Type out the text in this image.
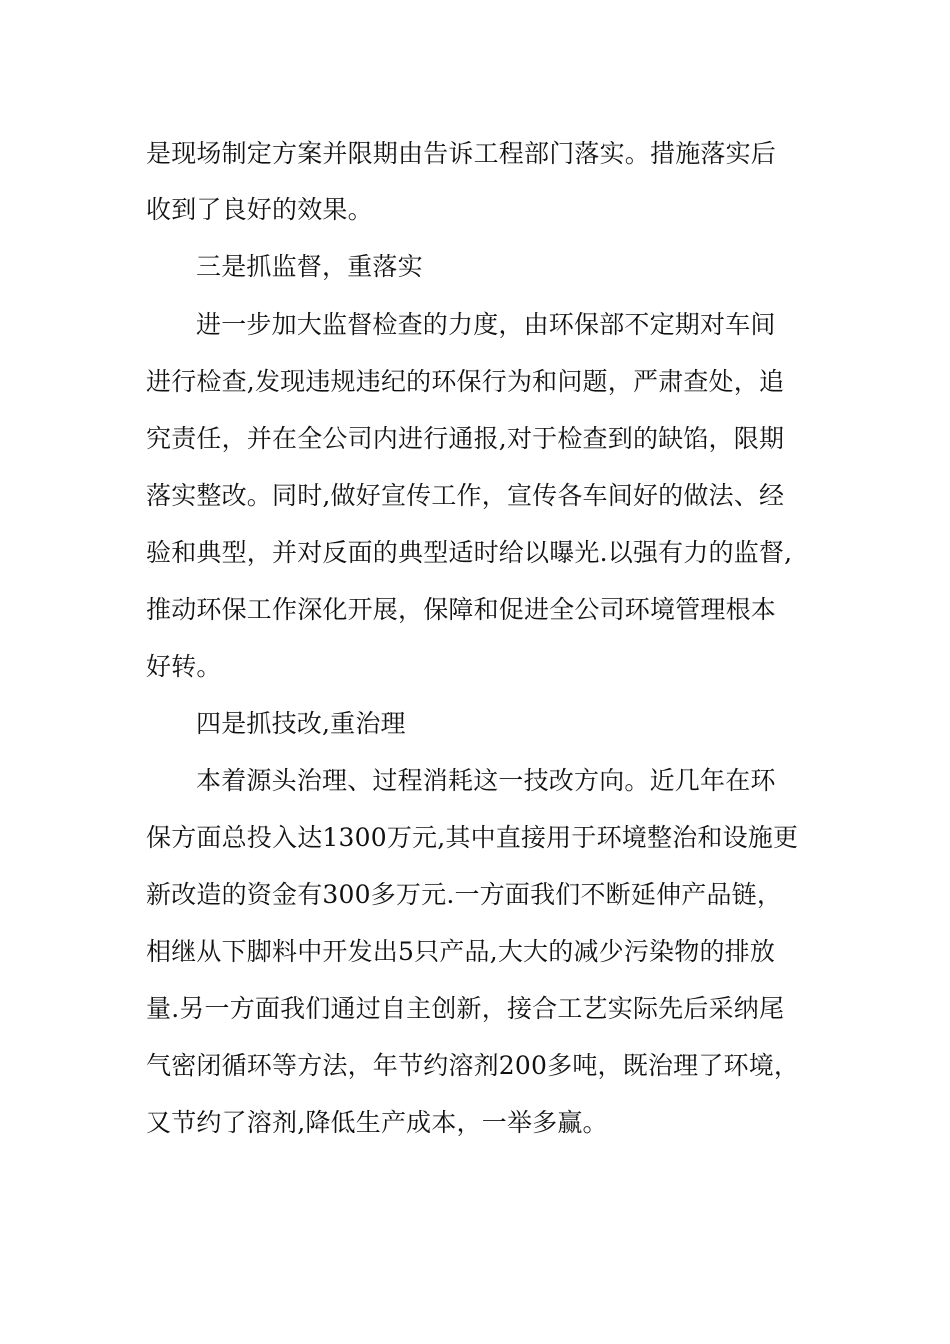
是现场制定方案并限期由告诉工程部门落实。措施落实后
收到了良好的效果。
三是抓监督，重落实
进一步加大监督检查的力度，由环保部不定期对车间
进行检查,发现违规违纪的环保行为和问题，严肃查处，追
究责任，并在全公司内进行通报,对于检查到的缺馅，限期
落实整改。同时,做好宣传工作，宣传各车间好的做法、经
验和典型，并对反面的典型适时给以曝光.以强有力的监督,
推动环保工作深化开展，保障和促进全公司环境管理根本
好转。
四是抓技改,重治理
本着源头治理、过程消耗这一技改方向。近几年在环
保方面总投入达1300万元,其中直接用于环境整治和设施更
新改造的资金有300多万元.一方面我们不断延伸产品链，
相继从下脚料中开发出5只产品,大大的减少污染物的排放
量.另一方面我们通过自主创新，接合工艺实际先后采纳尾
气密闭循环等方法，年节约溶剂200多吨，既治理了环境，
又节约了溶剂,降低生产成本，一举多赢。
